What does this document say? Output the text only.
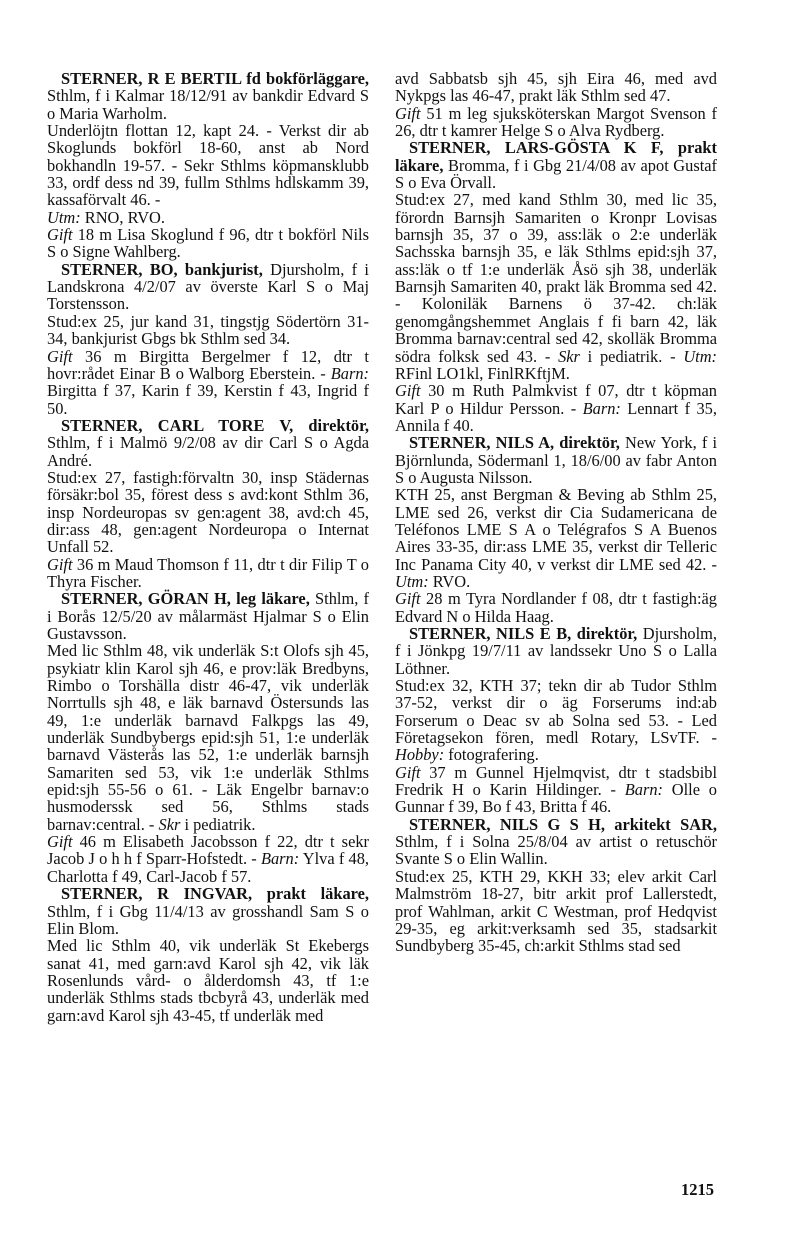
STERNER, R E BERTIL fd bokförläggare, Sthlm, f i Kalmar 18/12/91 av bankdir Edvard S o Maria Warholm.

Underlöjtn flottan 12, kapt 24. - Verkst dir ab Skoglunds bokförl 18-60, anst ab Nord bokhandln 19-57. - Sekr Sthlms köpmansklubb 33, ordf dess nd 39, fullm Sthlms hdlskamm 39, kassaförvalt 46. -

Utm: RNO, RVO.

Gift 18 m Lisa Skoglund f 96, dtr t bokförl Nils S o Signe Wahlberg.

STERNER, BO, bankjurist, Djursholm, f i Landskrona 4/2/07 av överste Karl S o Maj Torstensson.

Stud:ex 25, jur kand 31, tingstjg Södertörn 31-34, bankjurist Gbgs bk Sthlm sed 34.

Gift 36 m Birgitta Bergelmer f 12, dtr t hovr:rådet Einar B o Walborg Eberstein. - Barn: Birgitta f 37, Karin f 39, Kerstin f 43, Ingrid f 50.

STERNER, CARL TORE V, direktör, Sthlm, f i Malmö 9/2/08 av dir Carl S o Agda André.

Stud:ex 27, fastigh:förvaltn 30, insp Städernas försäkr:bol 35, förest dess s avd:kont Sthlm 36, insp Nordeuropas sv gen:agent 38, avd:ch 45, dir:ass 48, gen:agent Nordeuropa o Internat Unfall 52.

Gift 36 m Maud Thomson f 11, dtr t dir Filip T o Thyra Fischer.

STERNER, GÖRAN H, leg läkare, Sthlm, f i Borås 12/5/20 av målarmäst Hjalmar S o Elin Gustavsson.

Med lic Sthlm 48, vik underläk S:t Olofs sjh 45, psykiatr klin Karol sjh 46, e prov:läk Bredbyns, Rimbo o Torshälla distr 46-47, vik underläk Norrtulls sjh 48, e läk barnavd Östersunds las 49, 1:e underläk barnavd Falkpgs las 49, underläk Sundbybergs epid:sjh 51, 1:e underläk barnavd Västerås las 52, 1:e underläk barnsjh Samariten sed 53, vik 1:e underläk Sthlms epid:sjh 55-56 o 61. - Läk Engelbr barnav:o husmoderssk sed 56, Sthlms stads barnav:central. - Skr i pediatrik.

Gift 46 m Elisabeth Jacobsson f 22, dtr t sekr Jacob J o h h f Sparr-Hofstedt. - Barn: Ylva f 48, Charlotta f 49, Carl-Jacob f 57.

STERNER, R INGVAR, prakt läkare, Sthlm, f i Gbg 11/4/13 av grosshandl Sam S o Elin Blom.

Med lic Sthlm 40, vik underläk St Ekebergs sanat 41, med garn:avd Karol sjh 42, vik läk Rosenlunds vård- o ålderdomsh 43, tf 1:e underläk Sthlms stads tbcbyrå 43, underläk med garn:avd Karol sjh 43-45, tf underläk med

avd Sabbatsb sjh 45, sjh Eira 46, med avd Nykpgs las 46-47, prakt läk Sthlm sed 47.

Gift 51 m leg sjuksköterskan Margot Svenson f 26, dtr t kamrer Helge S o Alva Rydberg.

STERNER, LARS-GÖSTA K F, prakt läkare, Bromma, f i Gbg 21/4/08 av apot Gustaf S o Eva Örvall.

Stud:ex 27, med kand Sthlm 30, med lic 35, förordn Barnsjh Samariten o Kronpr Lovisas barnsjh 35, 37 o 39, ass:läk o 2:e underläk Sachsska barnsjh 35, e läk Sthlms epid:sjh 37, ass:läk o tf 1:e underläk Åsö sjh 38, underläk Barnsjh Samariten 40, prakt läk Bromma sed 42. - Koloniläk Barnens ö 37-42. ch:läk genomgångshemmet Anglais f fi barn 42, läk Bromma barnav:central sed 42, skolläk Bromma södra folksk sed 43. - Skr i pediatrik. - Utm: RFinl LO1kl, FinlRKftjM.

Gift 30 m Ruth Palmkvist f 07, dtr t köpman Karl P o Hildur Persson. - Barn: Lennart f 35, Annila f 40.

STERNER, NILS A, direktör, New York, f i Björnlunda, Södermanl 1, 18/6/00 av fabr Anton S o Augusta Nilsson.

KTH 25, anst Bergman & Beving ab Sthlm 25, LME sed 26, verkst dir Cia Sudamericana de Teléfonos LME S A o Telégrafos S A Buenos Aires 33-35, dir:ass LME 35, verkst dir Telleric Inc Panama City 40, v verkst dir LME sed 42. - Utm: RVO.

Gift 28 m Tyra Nordlander f 08, dtr t fastigh:äg Edvard N o Hilda Haag.

STERNER, NILS E B, direktör, Djursholm, f i Jönkpg 19/7/11 av landssekr Uno S o Lalla Löthner.

Stud:ex 32, KTH 37; tekn dir ab Tudor Sthlm 37-52, verkst dir o äg Forserums ind:ab Forserum o Deac sv ab Solna sed 53. - Led Företagsekon fören, medl Rotary, LSvTF. - Hobby: fotografering.

Gift 37 m Gunnel Hjelmqvist, dtr t stadsbibl Fredrik H o Karin Hildinger. - Barn: Olle o Gunnar f 39, Bo f 43, Britta f 46.

STERNER, NILS G S H, arkitekt SAR, Sthlm, f i Solna 25/8/04 av artist o retuschör Svante S o Elin Wallin.

Stud:ex 25, KTH 29, KKH 33; elev arkit Carl Malmström 18-27, bitr arkit prof Lallerstedt, prof Wahlman, arkit C Westman, prof Hedqvist 29-35, eg arkit:verksamh sed 35, stadsarkit Sundbyberg 35-45, ch:arkit Sthlms stad sed

1215
